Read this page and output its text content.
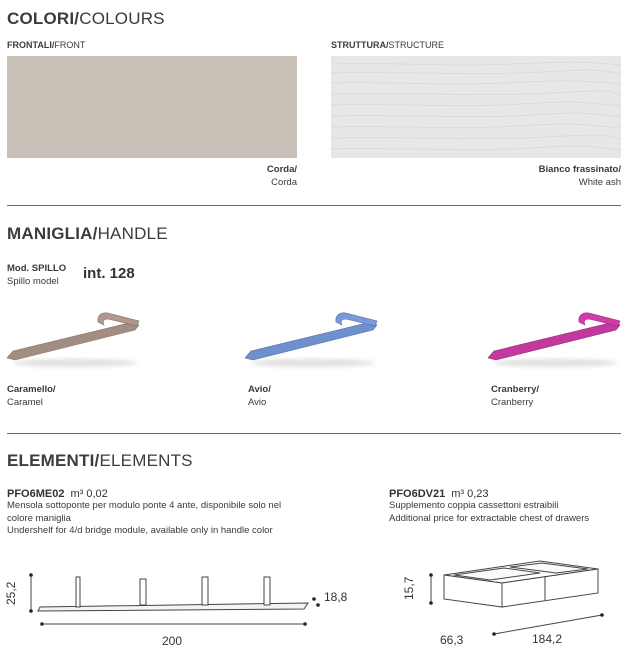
COLORI/COLOURS
FRONTALI/FRONT	STRUTTURA/STRUCTURE
Corda/
Corda
Bianco frassinato/
White ash
MANIGLIA/HANDLE
Mod. SPILLO
Spillo model	int. 128
Caramello/
Caramel
Avio/
Avio
Cranberry/
Cranberry
ELEMENTI/ELEMENTS
PFO6ME02 m³ 0,02
Mensola sottoponte per modulo ponte 4 ante, disponibile solo nel colore maniglia
Undershelf for 4/d bridge module, available only in handle color
PFO6DV21 m³ 0,23
Supplemento coppia cassettoni estraibili
Additional price for extractable chest of drawers
25,2	18,8
200
15,7
66,3	184,2
